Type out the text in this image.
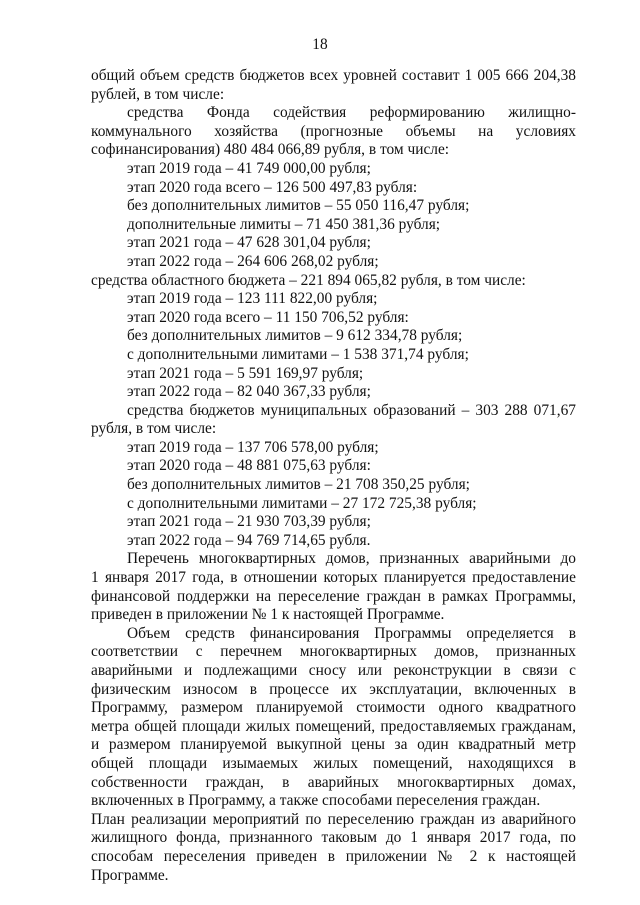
18
общий объем средств бюджетов всех уровней составит 1 005 666 204,38
рублей, в том числе:
средства Фонда содействия реформированию жилищно-
коммунального хозяйства (прогнозные объемы на условиях
софинансирования) 480 484 066,89 рубля, в том числе:
этап 2019 года – 41 749 000,00 рубля;
этап 2020 года всего – 126 500 497,83 рубля:
без дополнительных лимитов – 55 050 116,47 рубля;
дополнительные лимиты – 71 450 381,36 рубля;
этап 2021 года – 47 628 301,04 рубля;
этап 2022 года – 264 606 268,02 рубля;
средства областного бюджета – 221 894 065,82 рубля, в том числе:
этап 2019 года – 123 111 822,00 рубля;
этап 2020 года всего – 11 150 706,52 рубля:
без дополнительных лимитов – 9 612 334,78 рубля;
с дополнительными лимитами – 1 538 371,74 рубля;
этап 2021 года – 5 591 169,97 рубля;
этап 2022 года – 82 040 367,33 рубля;
средства бюджетов муниципальных образований – 303 288 071,67
рубля, в том числе:
этап 2019 года – 137 706 578,00 рубля;
этап 2020 года – 48 881 075,63 рубля:
без дополнительных лимитов – 21 708 350,25 рубля;
с дополнительными лимитами – 27 172 725,38 рубля;
этап 2021 года – 21 930 703,39 рубля;
этап 2022 года – 94 769 714,65 рубля.
Перечень многоквартирных домов, признанных аварийными до
1 января 2017 года, в отношении которых планируется предоставление
финансовой поддержки на переселение граждан в рамках Программы,
приведен в приложении № 1 к настоящей Программе.
Объем средств финансирования Программы определяется в
соответствии с перечнем многоквартирных домов, признанных
аварийными и подлежащими сносу или реконструкции в связи с
физическим износом в процессе их эксплуатации, включенных в
Программу, размером планируемой стоимости одного квадратного
метра общей площади жилых помещений, предоставляемых гражданам,
и размером планируемой выкупной цены за один квадратный метр
общей площади изымаемых жилых помещений, находящихся в
собственности граждан, в аварийных многоквартирных домах,
включенных в Программу, а также способами переселения граждан.
План реализации мероприятий по переселению граждан из аварийного
жилищного фонда, признанного таковым до 1 января 2017 года, по
способам переселения приведен в приложении № 2 к настоящей
Программе.
